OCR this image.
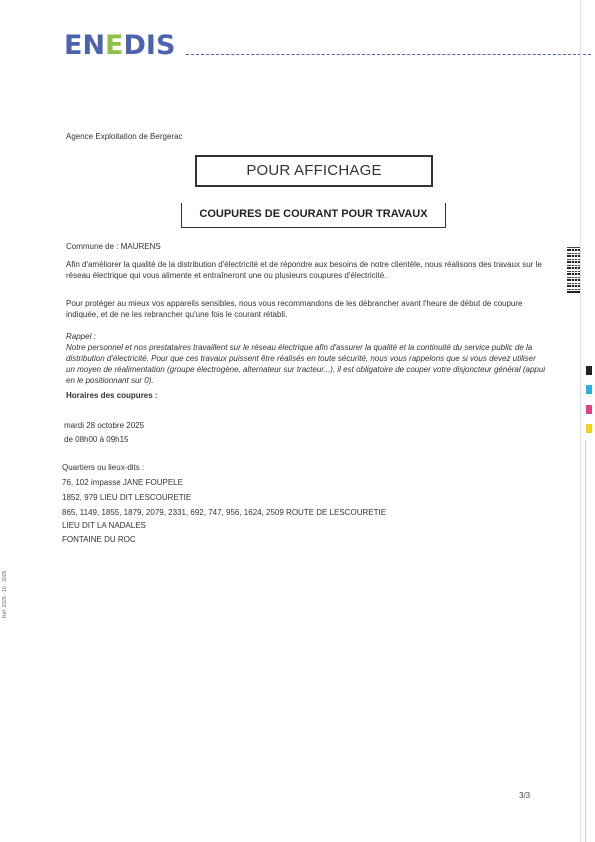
ENEDIS
Agence Exploitation de Bergerac
POUR AFFICHAGE
COUPURES DE COURANT POUR TRAVAUX
Commune de : MAURENS
Afin d'améliorer la qualité de la distribution d'électricité et de répondre aux besoins de notre clientèle, nous réalisons des travaux sur le réseau électrique qui vous alimente et entraîneront une ou plusieurs coupures d'électricité.
Pour protéger au mieux vos appareils sensibles, nous vous recommandons de les débrancher avant l'heure de début de coupure indiquée, et de ne les rebrancher qu'une fois le courant rétabli.
Rappel :
Notre personnel et nos prestataires travaillent sur le réseau électrique afin d'assurer la qualité et la continuité du service public de la distribution d'électricité. Pour que ces travaux puissent être réalisés en toute sécurité, nous vous rappelons que si vous devez utiliser un moyen de réalimentation (groupe électrogène, alternateur sur tracteur...), il est obligatoire de couper votre disjoncteur général (appui en le positionnant sur 0).
Horaires des coupures :
mardi 28 octobre 2025
de 08h00 à 09h15
Quartiers ou lieux-dits :
76, 102 impasse JANE FOUPELE
1852, 979 LIEU DIT LESCOURETIE
865, 1149, 1855, 1879, 2079, 2331, 692, 747, 956, 1624, 2509 ROUTE DE LESCOURETIE
LIEU DIT LA NADALES
FONTAINE DU ROC
Ref: 2025 - 10 - 2025
3/3
